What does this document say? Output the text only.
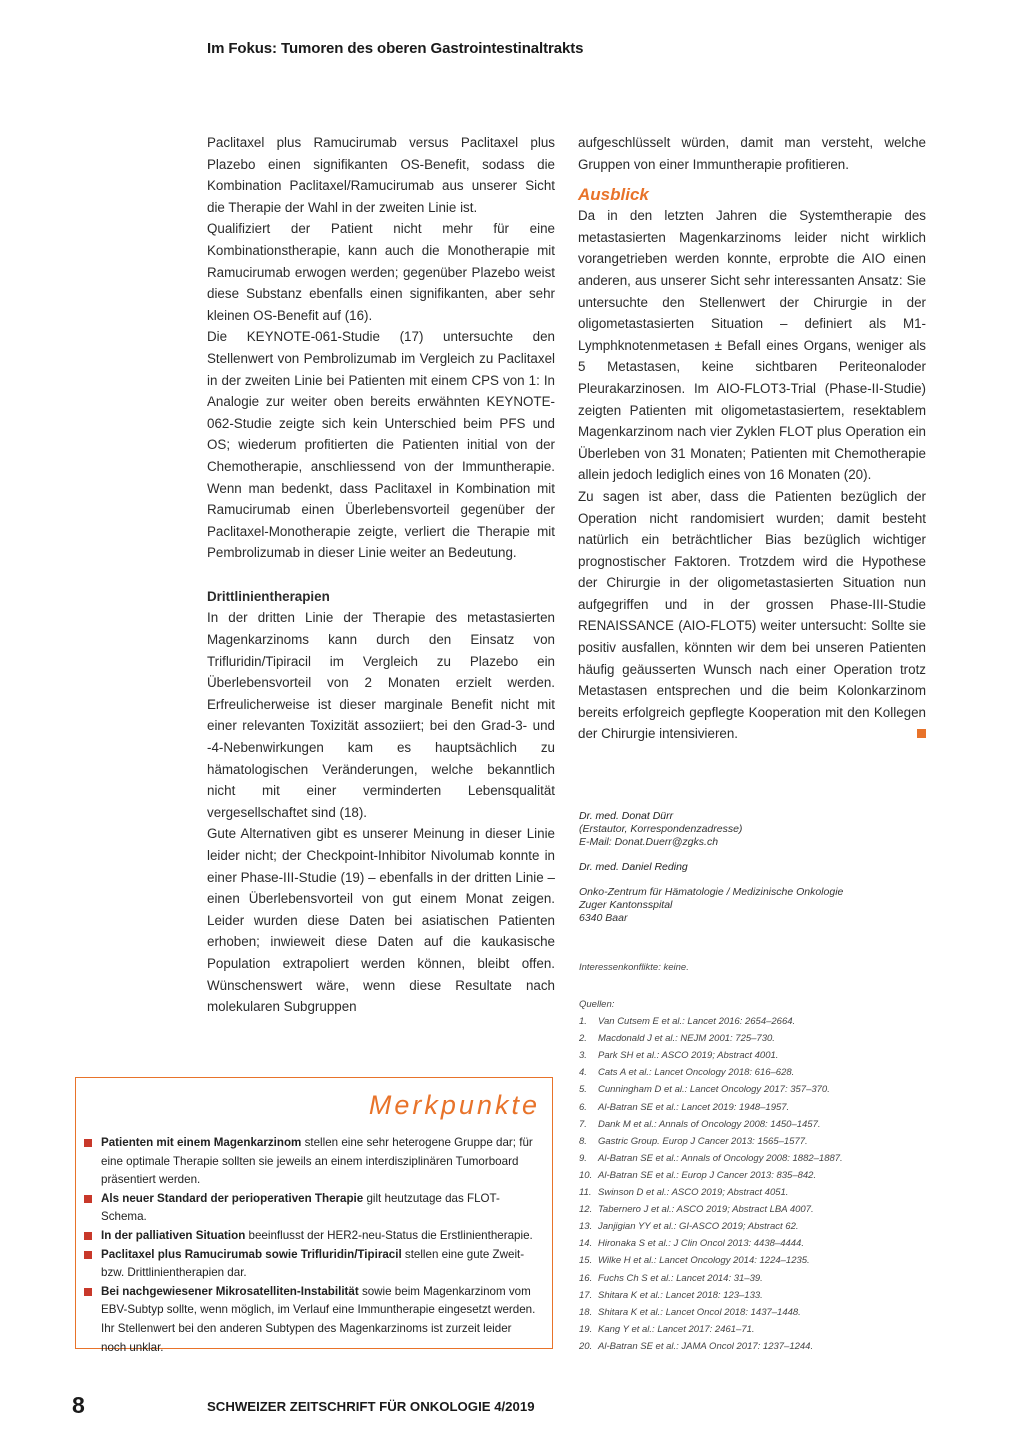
Im Fokus: Tumoren des oberen Gastrointestinaltrakts

Paclitaxel plus Ramucirumab versus Paclitaxel plus Plazebo einen signifikanten OS-Benefit, sodass die Kombination Paclitaxel/Ramucirumab aus unserer Sicht die Therapie der Wahl in der zweiten Linie ist.

Qualifiziert der Patient nicht mehr für eine Kombinationstherapie, kann auch die Monotherapie mit Ramucirumab erwogen werden; gegenüber Plazebo weist diese Substanz ebenfalls einen signifikanten, aber sehr kleinen OS-Benefit auf (16).

Die KEYNOTE-061-Studie (17) untersuchte den Stellenwert von Pembrolizumab im Vergleich zu Paclitaxel in der zweiten Linie bei Patienten mit einem CPS von 1: In Analogie zur weiter oben bereits erwähnten KEYNOTE-062-Studie zeigte sich kein Unterschied beim PFS und OS; wiederum profitierten die Patienten initial von der Chemotherapie, anschliessend von der Immuntherapie. Wenn man bedenkt, dass Paclitaxel in Kombination mit Ramucirumab einen Überlebensvorteil gegenüber der Paclitaxel-Monotherapie zeigte, verliert die Therapie mit Pembrolizumab in dieser Linie weiter an Bedeutung.

Drittlinientherapien

In der dritten Linie der Therapie des metastasierten Magenkarzinoms kann durch den Einsatz von Trifluridin/Tipiracil im Vergleich zu Plazebo ein Überlebensvorteil von 2 Monaten erzielt werden. Erfreulicherweise ist dieser marginale Benefit nicht mit einer relevanten Toxizität assoziiert; bei den Grad-3- und -4-Nebenwirkungen kam es hauptsächlich zu hämatologischen Veränderungen, welche bekanntlich nicht mit einer verminderten Lebensqualität vergesellschaftet sind (18).

Gute Alternativen gibt es unserer Meinung in dieser Linie leider nicht; der Checkpoint-Inhibitor Nivolumab konnte in einer Phase-III-Studie (19) – ebenfalls in der dritten Linie – einen Überlebensvorteil von gut einem Monat zeigen. Leider wurden diese Daten bei asiatischen Patienten erhoben; inwieweit diese Daten auf die kaukasische Population extrapoliert werden können, bleibt offen. Wünschenswert wäre, wenn diese Resultate nach molekularen Subgruppen

aufgeschlüsselt würden, damit man versteht, welche Gruppen von einer Immuntherapie profitieren.

Ausblick

Da in den letzten Jahren die Systemtherapie des metastasierten Magenkarzinoms leider nicht wirklich vorangetrieben werden konnte, erprobte die AIO einen anderen, aus unserer Sicht sehr interessanten Ansatz: Sie untersuchte den Stellenwert der Chirurgie in der oligometastasierten Situation – definiert als M1-Lymphknotenmetasen ± Befall eines Organs, weniger als 5 Metastasen, keine sichtbaren Periteonaloder Pleurakarzinosen. Im AIO-FLOT3-Trial (Phase-II-Studie) zeigten Patienten mit oligometastasiertem, resektablem Magenkarzinom nach vier Zyklen FLOT plus Operation ein Überleben von 31 Monaten; Patienten mit Chemotherapie allein jedoch lediglich eines von 16 Monaten (20).

Zu sagen ist aber, dass die Patienten bezüglich der Operation nicht randomisiert wurden; damit besteht natürlich ein beträchtlicher Bias bezüglich wichtiger prognostischer Faktoren. Trotzdem wird die Hypothese der Chirurgie in der oligometastasierten Situation nun aufgegriffen und in der grossen Phase-III-Studie RENAISSANCE (AIO-FLOT5) weiter untersucht: Sollte sie positiv ausfallen, könnten wir dem bei unseren Patienten häufig geäusserten Wunsch nach einer Operation trotz Metastasen entsprechen und die beim Kolonkarzinom bereits erfolgreich gepflegte Kooperation mit den Kollegen der Chirurgie intensivieren.

Dr. med. Donat Dürr
(Erstautor, Korrespondenzadresse)
E-Mail: Donat.Duerr@zgks.ch
Dr. med. Daniel Reding
Onko-Zentrum für Hämatologie / Medizinische Onkologie
Zuger Kantonsspital
6340 Baar
Interessenkonflikte: keine.
Quellen:
1.	Van Cutsem E et al.: Lancet 2016: 2654–2664.
2.	Macdonald J et al.: NEJM 2001: 725–730.
3.	Park SH et al.: ASCO 2019; Abstract 4001.
4.	Cats A et al.: Lancet Oncology 2018: 616–628.
5.	Cunningham D et al.: Lancet Oncology 2017: 357–370.
6.	Al-Batran SE et al.: Lancet 2019: 1948–1957.
7.	Dank M et al.: Annals of Oncology 2008: 1450–1457.
8.	Gastric Group. Europ J Cancer 2013: 1565–1577.
9.	Al-Batran SE et al.: Annals of Oncology 2008: 1882–1887.
10. Al-Batran SE et al.: Europ J Cancer 2013: 835–842.
11. Swinson D et al.: ASCO 2019; Abstract 4051.
12. Tabernero J et al.: ASCO 2019; Abstract LBA 4007.
13. Janjigian YY et al.: GI-ASCO 2019; Abstract 62.
14. Hironaka S et al.: J Clin Oncol 2013: 4438–4444.
15. Wilke H et al.: Lancet Oncology 2014: 1224–1235.
16. Fuchs Ch S et al.: Lancet 2014: 31–39.
17. Shitara K et al.: Lancet 2018: 123–133.
18. Shitara K et al.: Lancet Oncol 2018: 1437–1448.
19. Kang Y et al.: Lancet 2017: 2461–71.
20. Al-Batran SE et al.: JAMA Oncol 2017: 1237–1244.
Merkpunkte
Patienten mit einem Magenkarzinom stellen eine sehr heterogene Gruppe dar; für eine optimale Therapie sollten sie jeweils an einem interdisziplinären Tumorboard präsentiert werden.
Als neuer Standard der perioperativen Therapie gilt heutzutage das FLOT-Schema.
In der palliativen Situation beeinflusst der HER2-neu-Status die Erstlinientherapie.
Paclitaxel plus Ramucirumab sowie Trifluridin/Tipiracil stellen eine gute Zweit- bzw. Drittlinientherapien dar.
Bei nachgewiesener Mikrosatelliten-Instabilität sowie beim Magenkarzinom vom EBV-Subtyp sollte, wenn möglich, im Verlauf eine Immuntherapie eingesetzt werden. Ihr Stellenwert bei den anderen Subtypen des Magenkarzinoms ist zurzeit leider noch unklar.
8	SCHWEIZER ZEITSCHRIFT FÜR ONKOLOGIE 4/2019
